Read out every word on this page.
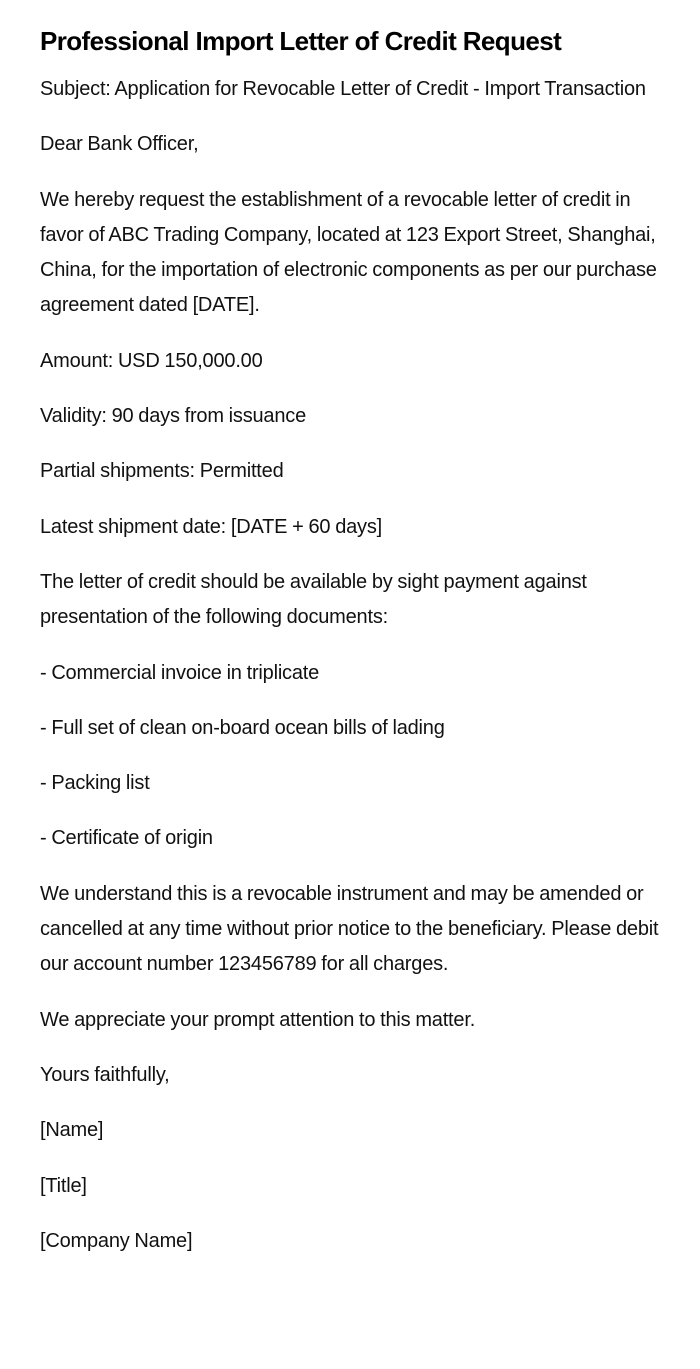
Professional Import Letter of Credit Request

Subject: Application for Revocable Letter of Credit - Import Transaction

Dear Bank Officer,

We hereby request the establishment of a revocable letter of credit in favor of ABC Trading Company, located at 123 Export Street, Shanghai, China, for the importation of electronic components as per our purchase agreement dated [DATE].

Amount: USD 150,000.00

Validity: 90 days from issuance

Partial shipments: Permitted

Latest shipment date: [DATE + 60 days]

The letter of credit should be available by sight payment against presentation of the following documents:

- Commercial invoice in triplicate

- Full set of clean on-board ocean bills of lading

- Packing list

- Certificate of origin

We understand this is a revocable instrument and may be amended or cancelled at any time without prior notice to the beneficiary. Please debit our account number 123456789 for all charges.

We appreciate your prompt attention to this matter.

Yours faithfully,

[Name]

[Title]

[Company Name]
